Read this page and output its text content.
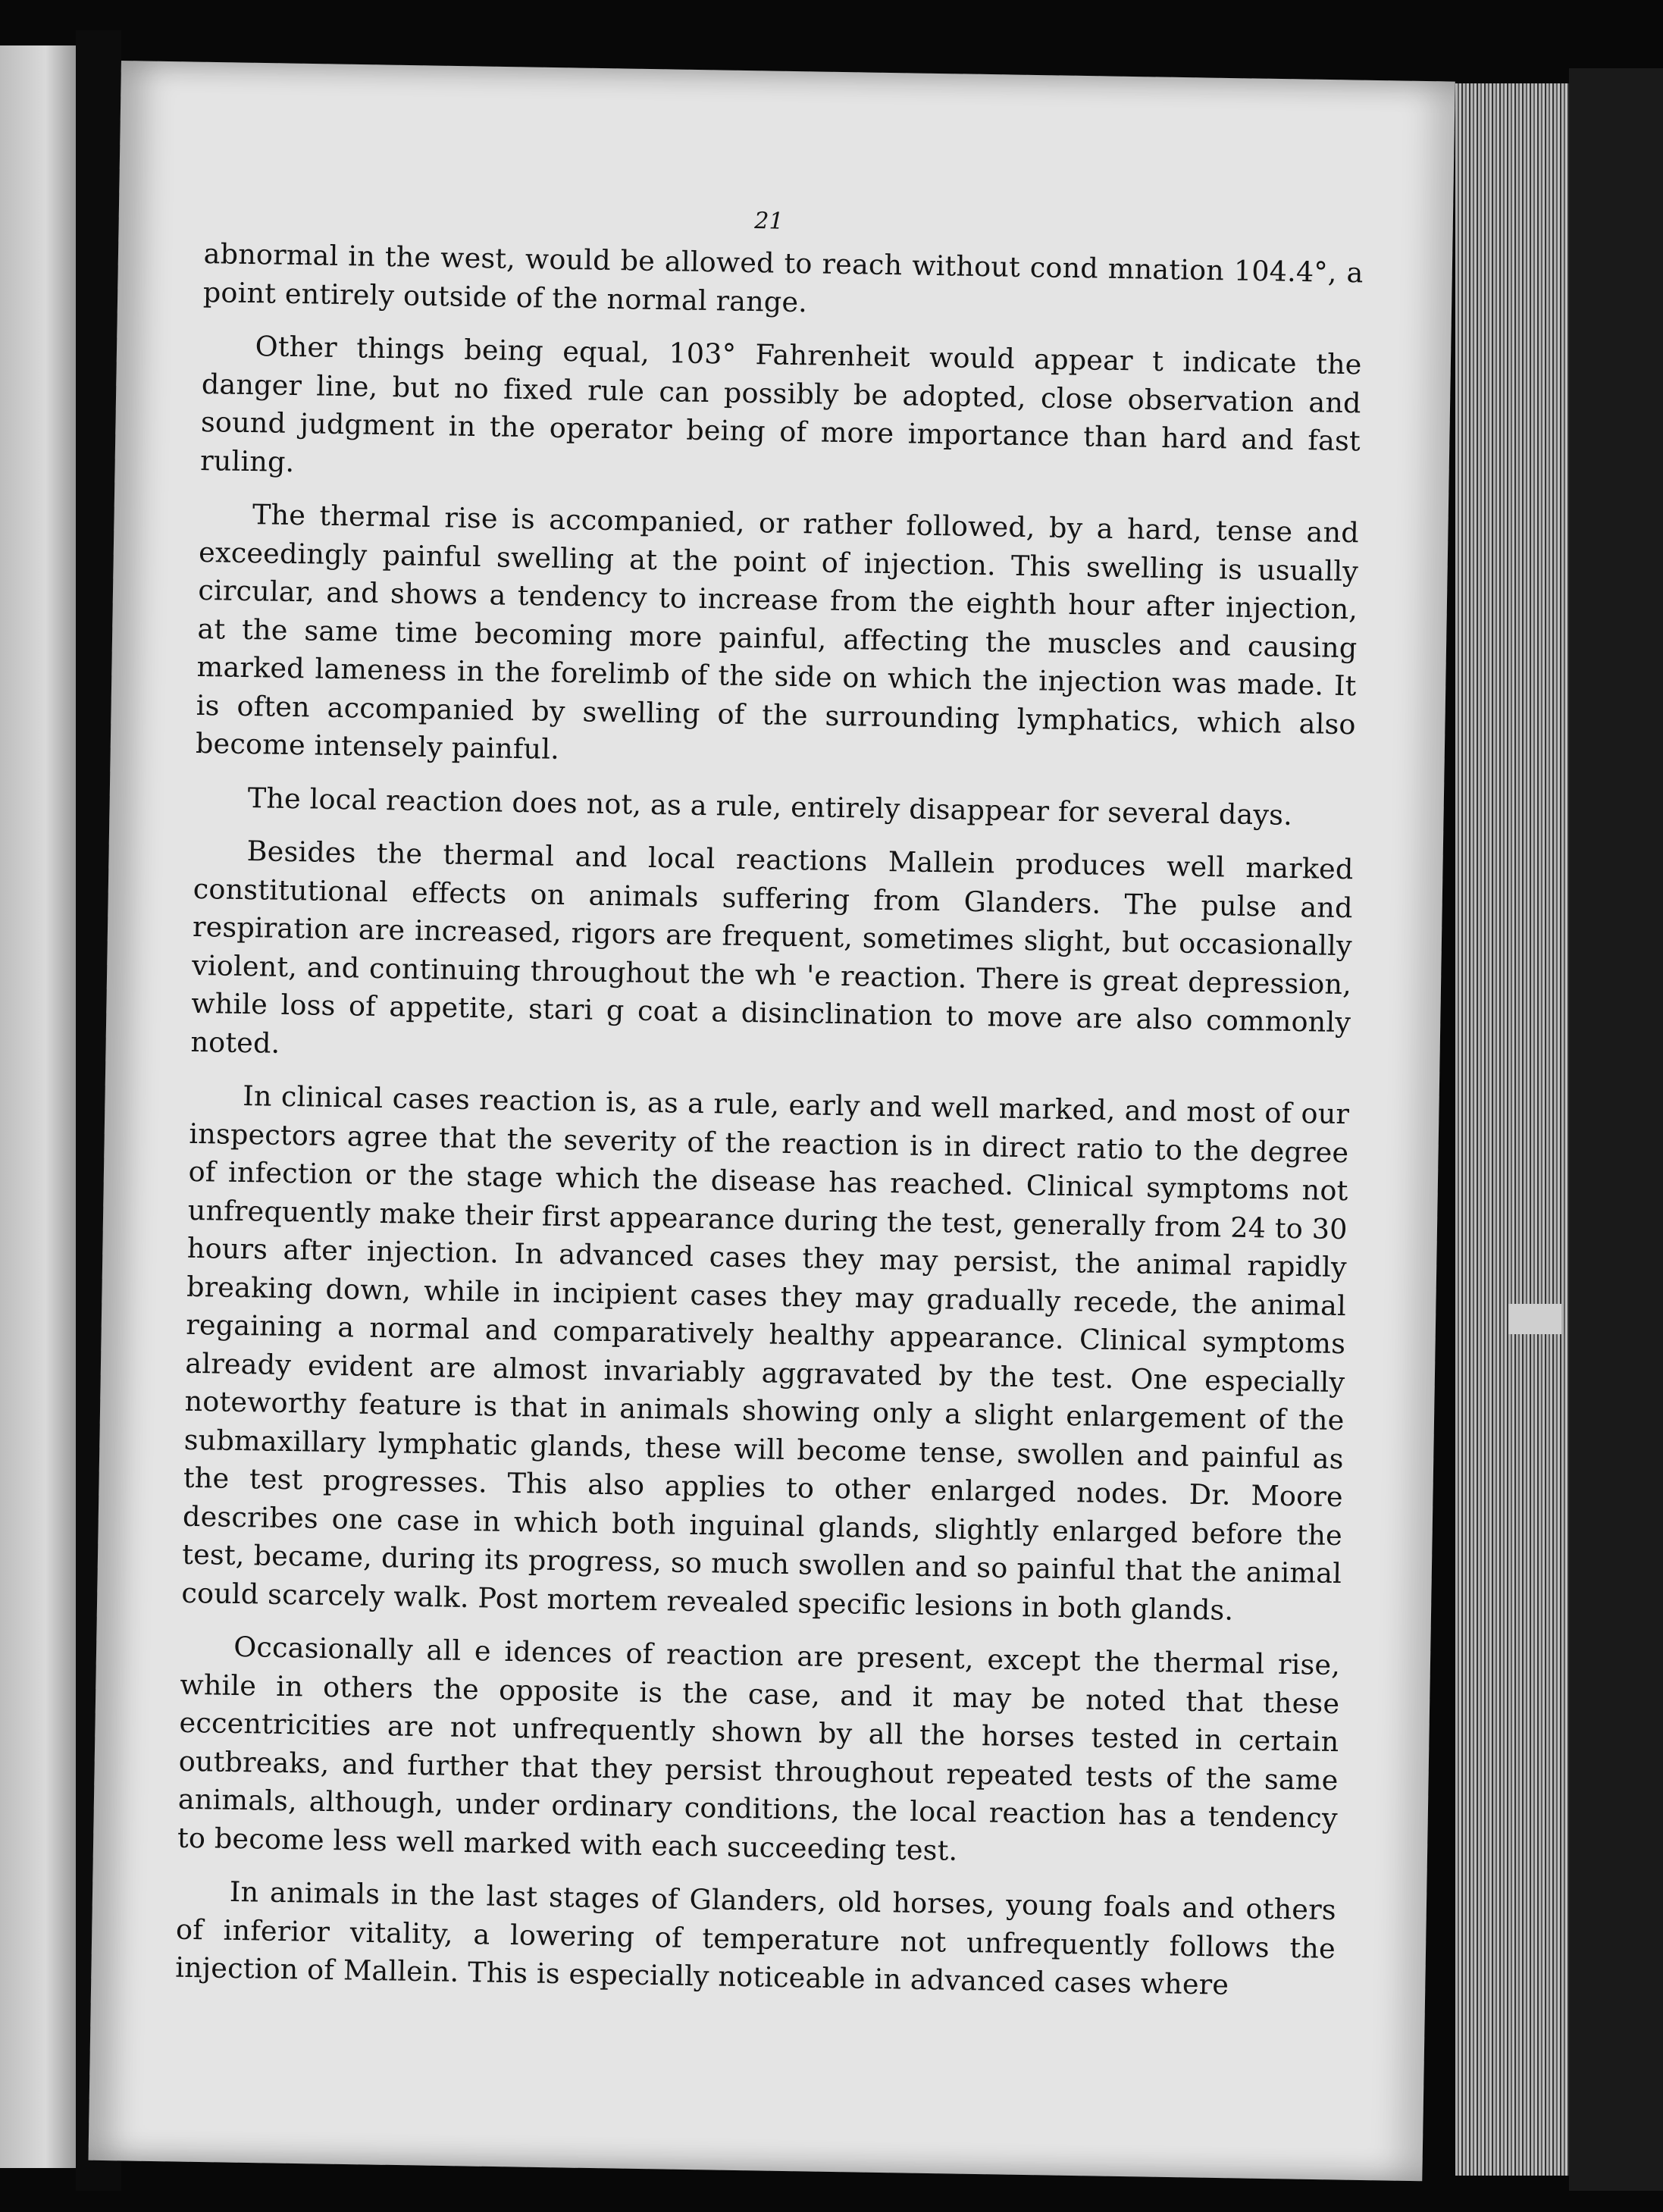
21

abnormal in the west, would be allowed to reach without cond mnation 104.4°, a point entirely outside of the normal range.

Other things being equal, 103° Fahrenheit would appear t indicate the danger line, but no fixed rule can possibly be adopted, close observation and sound judgment in the operator being of more importance than hard and fast ruling.

The thermal rise is accompanied, or rather followed, by a hard, tense and exceedingly painful swelling at the point of injection. This swelling is usually circular, and shows a tendency to increase from the eighth hour after injection, at the same time becoming more painful, affecting the muscles and causing marked lameness in the forelimb of the side on which the injection was made. It is often accompanied by swelling of the surrounding lymphatics, which also become intensely painful.

The local reaction does not, as a rule, entirely disappear for several days.

Besides the thermal and local reactions Mallein produces well marked constitutional effects on animals suffering from Glanders. The pulse and respiration are increased, rigors are frequent, sometimes slight, but occasionally violent, and continuing throughout the wh 'e reaction. There is great depression, while loss of appetite, stari g coat a disinclination to move are also commonly noted.

In clinical cases reaction is, as a rule, early and well marked, and most of our inspectors agree that the severity of the reaction is in direct ratio to the degree of infection or the stage which the disease has reached. Clinical symptoms not unfrequently make their first appearance during the test, generally from 24 to 30 hours after injection. In advanced cases they may persist, the animal rapidly breaking down, while in incipient cases they may gradually recede, the animal regaining a normal and comparatively healthy appearance. Clinical symptoms already evident are almost invariably aggravated by the test. One especially noteworthy feature is that in animals showing only a slight enlargement of the submaxillary lymphatic glands, these will become tense, swollen and painful as the test progresses. This also applies to other enlarged nodes. Dr. Moore describes one case in which both inguinal glands, slightly enlarged before the test, became, during its progress, so much swollen and so painful that the animal could scarcely walk. Post mortem revealed specific lesions in both glands.

Occasionally all e idences of reaction are present, except the thermal rise, while in others the opposite is the case, and it may be noted that these eccentricities are not unfrequently shown by all the horses tested in certain outbreaks, and further that they persist throughout repeated tests of the same animals, although, under ordinary conditions, the local reaction has a tendency to become less well marked with each succeeding test.

In animals in the last stages of Glanders, old horses, young foals and others of inferior vitality, a lowering of temperature not unfrequently follows the injection of Mallein. This is especially noticeable in advanced cases where
